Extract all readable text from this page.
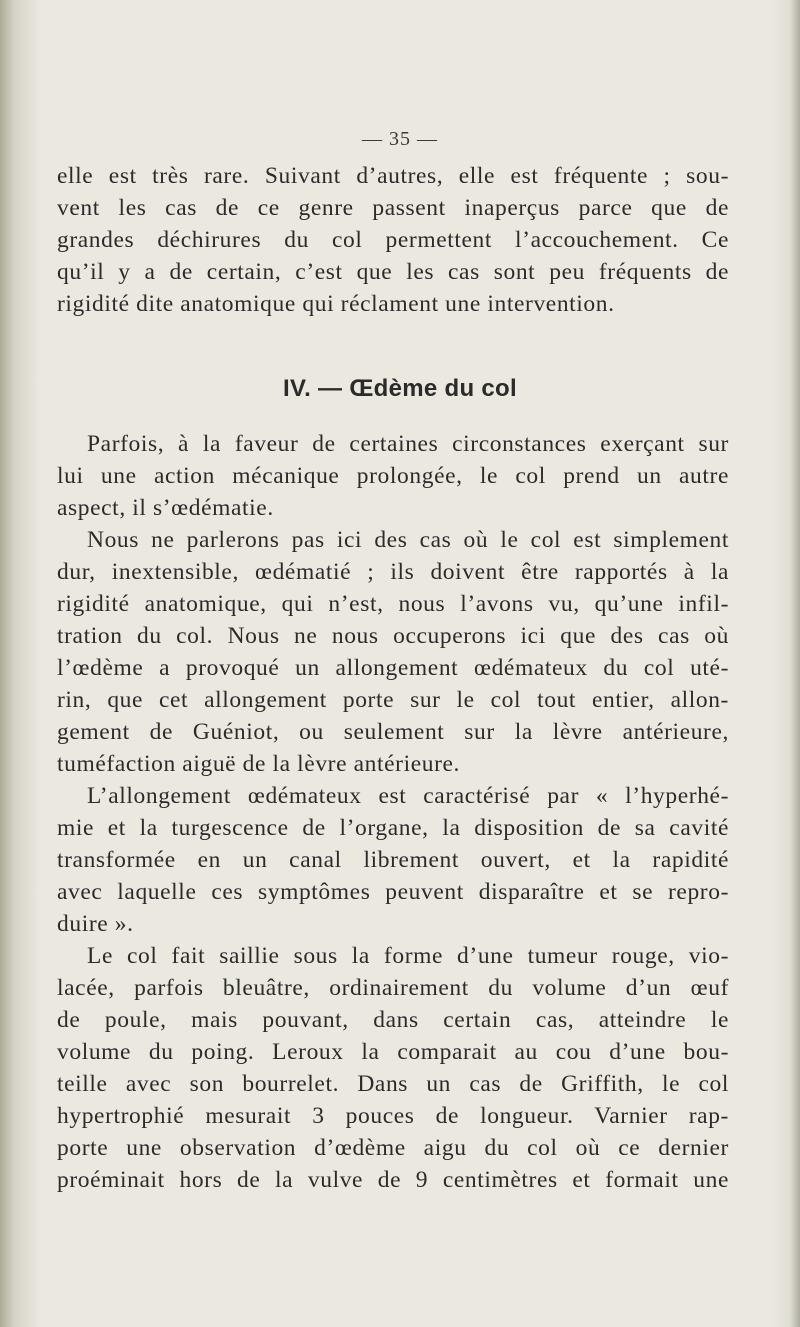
— 35 —
elle est très rare. Suivant d’autres, elle est fréquente ; sou-
vent les cas de ce genre passent inaperçus parce que de
grandes déchirures du col permettent l’accouchement. Ce
qu’il y a de certain, c’est que les cas sont peu fréquents de
rigidité dite anatomique qui réclament une intervention.
IV. — Œdème du col
Parfois, à la faveur de certaines circonstances exerçant sur
lui une action mécanique prolongée, le col prend un autre
aspect, il s’œdématie.
Nous ne parlerons pas ici des cas où le col est simplement
dur, inextensible, œdématié ; ils doivent être rapportés à la
rigidité anatomique, qui n’est, nous l’avons vu, qu’une infil-
tration du col. Nous ne nous occuperons ici que des cas où
l’œdème a provoqué un allongement œdémateux du col uté-
rin, que cet allongement porte sur le col tout entier, allon-
gement de Guéniot, ou seulement sur la lèvre antérieure,
tuméfaction aiguë de la lèvre antérieure.
L’allongement œdémateux est caractérisé par « l’hyperhé-
mie et la turgescence de l’organe, la disposition de sa cavité
transformée en un canal librement ouvert, et la rapidité
avec laquelle ces symptômes peuvent disparaître et se repro-
duire ».
Le col fait saillie sous la forme d’une tumeur rouge, vio-
lacée, parfois bleuâtre, ordinairement du volume d’un œuf
de poule, mais pouvant, dans certain cas, atteindre le
volume du poing. Leroux la comparait au cou d’une bou-
teille avec son bourrelet. Dans un cas de Griffith, le col
hypertrophié mesurait 3 pouces de longueur. Varnier rap-
porte une observation d’œdème aigu du col où ce dernier
proéminait hors de la vulve de 9 centimètres et formait une
